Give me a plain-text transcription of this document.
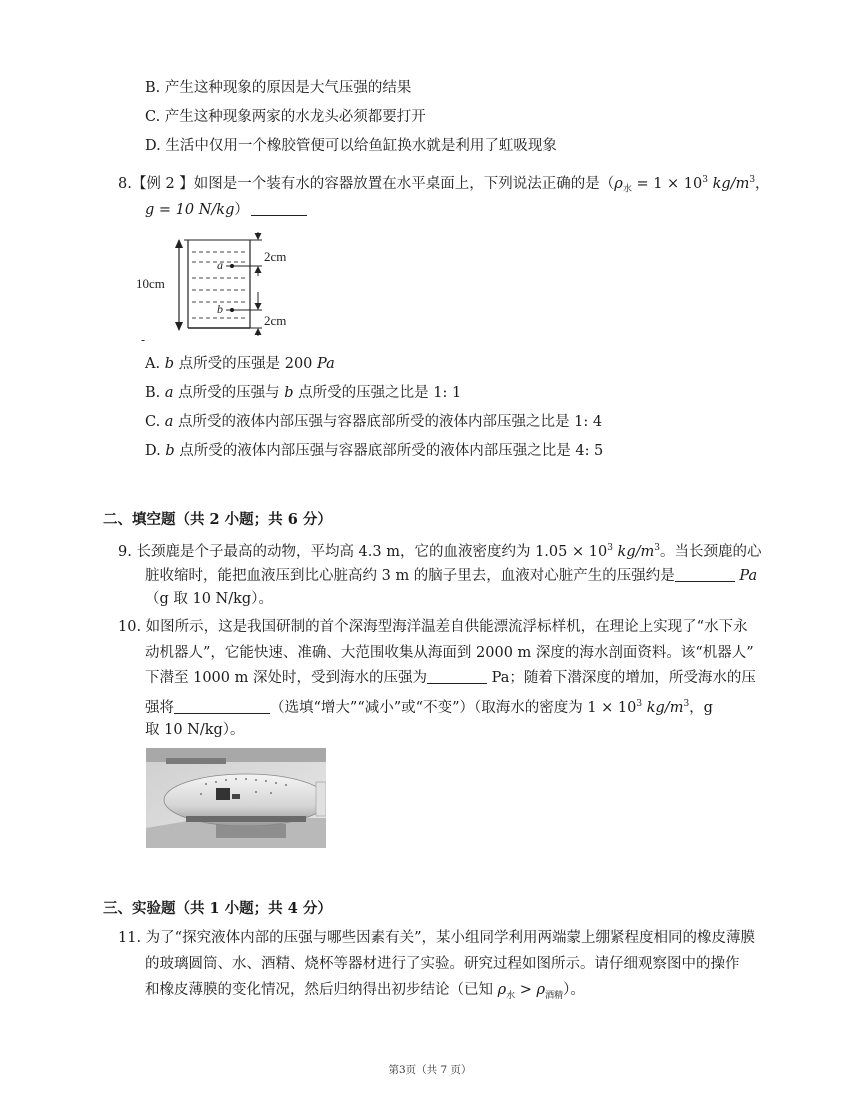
B. 产生这种现象的原因是大气压强的结果
C. 产生这种现象两家的水龙头必须都要打开
D. 生活中仅用一个橡胶管便可以给鱼缸换水就是利用了虹吸现象
8.【例 2 】如图是一个装有水的容器放置在水平桌面上，下列说法正确的是（$\rho_水 = 1 \times 10^3$ $kg/m^3$，
g = 10 N/kg）
10cm
a
b
2cm
2cm
-
A. b 点所受的压强是 200 Pa
B. a 点所受的压强与 b 点所受的压强之比是 1: 1
C. a 点所受的液体内部压强与容器底部所受的液体内部压强之比是 1: 4
D. b 点所受的液体内部压强与容器底部所受的液体内部压强之比是 4: 5
二、填空题（共 2 小题；共 6 分）
9. 长颈鹿是个子最高的动物，平均高 4.3 m，它的血液密度约为 $1.05 \times 10^3$ $kg/m^3$。当长颈鹿的心
脏收缩时，能把血液压到比心脏高约 3 m 的脑子里去，血液对心脏产生的压强约是	Pa
（g 取 10 N/kg）。
10. 如图所示，这是我国研制的首个深海型海洋温差自供能漂流浮标样机，在理论上实现了“水下永
动机器人”，它能快速、准确、大范围收集从海面到 2000 m 深度的海水剖面资料。该“机器人”
下潜至 1000 m 深处时，受到海水的压强为	Pa；随着下潜深度的增加，所受海水的压
强将	（选填“增大”“减小”或“不变”）（取海水的密度为 $1 \times 10^3$ $kg/m^3$，g
取 10 N/kg）。
三、实验题（共 1 小题；共 4 分）
11. 为了“探究液体内部的压强与哪些因素有关”，某小组同学利用两端蒙上绷紧程度相同的橡皮薄膜
的玻璃圆筒、水、酒精、烧杯等器材进行了实验。研究过程如图所示。请仔细观察图中的操作
和橡皮薄膜的变化情况，然后归纳得出初步结论（已知 $\rho_水 > \rho_{酒精}$）。
第3页（共 7 页）
